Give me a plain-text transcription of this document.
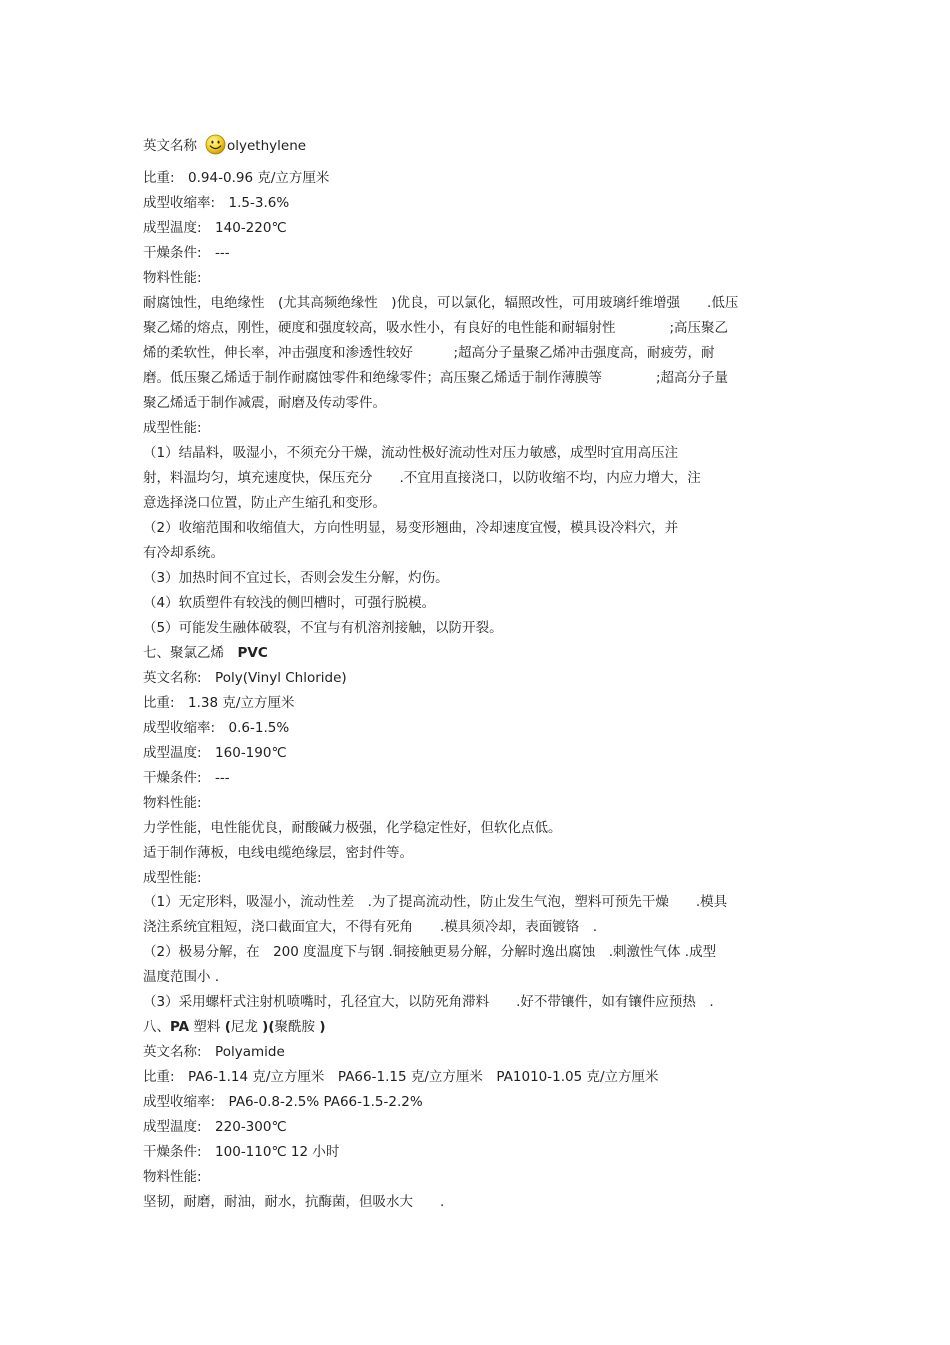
英文名称 olyethylene
比重:　0.94-0.96 克/立方厘米
成型收缩率:　1.5-3.6%
成型温度:　140-220℃
干燥条件:　---
物料性能:
耐腐蚀性，电绝缘性　(尤其高频绝缘性　)优良，可以氯化，辐照改性，可用玻璃纤维增强　　.低压
聚乙烯的熔点，刚性，硬度和强度较高，吸水性小，有良好的电性能和耐辐射性　　　　;高压聚乙
烯的柔软性，伸长率，冲击强度和渗透性较好　　　;超高分子量聚乙烯冲击强度高，耐疲劳，耐
磨。低压聚乙烯适于制作耐腐蚀零件和绝缘零件；高压聚乙烯适于制作薄膜等　　　　;超高分子量
聚乙烯适于制作减震，耐磨及传动零件。
成型性能:
（1）结晶料，吸湿小，不须充分干燥，流动性极好流动性对压力敏感，成型时宜用高压注
射，料温均匀，填充速度快，保压充分　　.不宜用直接浇口，以防收缩不均，内应力增大，注
意选择浇口位置，防止产生缩孔和变形。
（2）收缩范围和收缩值大，方向性明显，易变形翘曲，冷却速度宜慢，模具设冷料穴，并
有冷却系统。
（3）加热时间不宜过长，否则会发生分解，灼伤。
（4）软质塑件有较浅的侧凹槽时，可强行脱模。
（5）可能发生融体破裂，不宜与有机溶剂接触，以防开裂。
七、聚氯乙烯　PVC
英文名称:　Poly(Vinyl Chloride)
比重:　1.38 克/立方厘米
成型收缩率:　0.6-1.5%
成型温度:　160-190℃
干燥条件:　---
物料性能:
力学性能，电性能优良，耐酸碱力极强，化学稳定性好，但软化点低。
适于制作薄板，电线电缆绝缘层，密封件等。
成型性能:
（1）无定形料，吸湿小，流动性差　.为了提高流动性，防止发生气泡，塑料可预先干燥　　.模具
浇注系统宜粗短，浇口截面宜大，不得有死角　　.模具须冷却，表面镀铬　.
（2）极易分解，在　200 度温度下与钢 .铜接触更易分解，分解时逸出腐蚀　.刺激性气体 .成型
温度范围小 .
（3）采用螺杆式注射机喷嘴时，孔径宜大，以防死角滞料　　.好不带镶件，如有镶件应预热　.
八、PA 塑料 (尼龙 )(聚酰胺 )
英文名称:　Polyamide
比重:　PA6-1.14 克/立方厘米　PA66-1.15 克/立方厘米　PA1010-1.05 克/立方厘米
成型收缩率:　PA6-0.8-2.5% PA66-1.5-2.2%
成型温度:　220-300℃
干燥条件:　100-110℃ 12 小时
物料性能:
坚韧，耐磨，耐油，耐水，抗酶菌，但吸水大　　.
